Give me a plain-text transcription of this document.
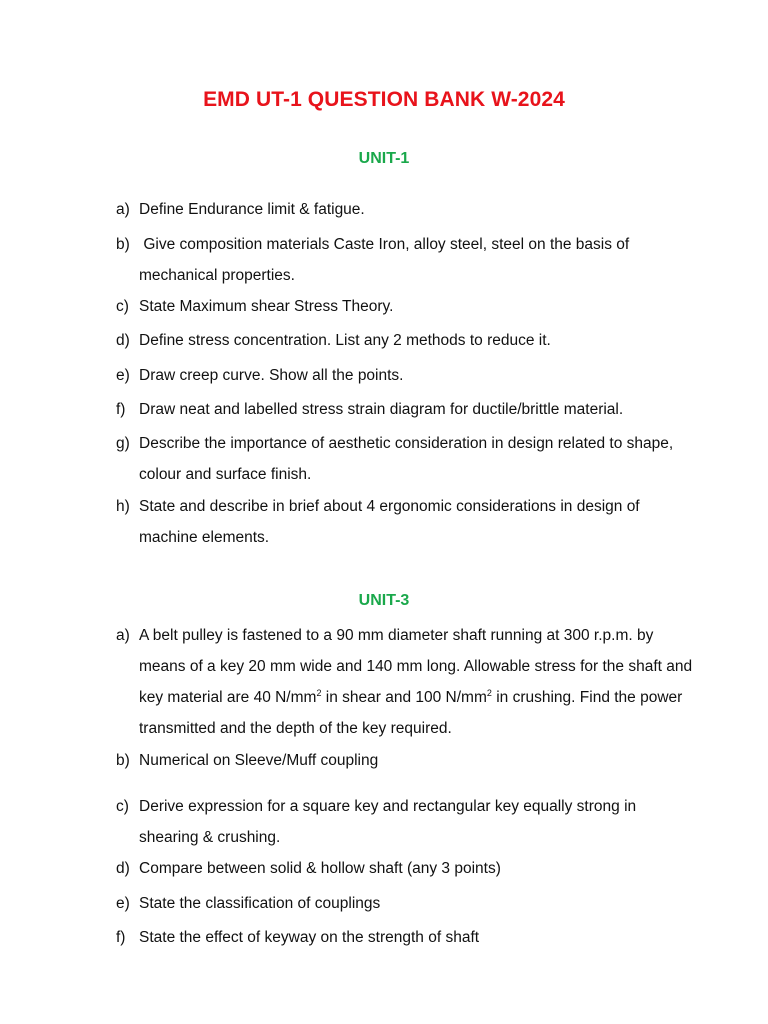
EMD UT-1 QUESTION BANK W-2024
UNIT-1
a) Define Endurance limit & fatigue.
b) Give composition materials Caste Iron, alloy steel, steel on the basis of mechanical properties.
c) State Maximum shear Stress Theory.
d) Define stress concentration. List any 2 methods to reduce it.
e) Draw creep curve. Show all the points.
f) Draw neat and labelled stress strain diagram for ductile/brittle material.
g) Describe the importance of aesthetic consideration in design related to shape, colour and surface finish.
h) State and describe in brief about 4 ergonomic considerations in design of machine elements.
UNIT-3
a) A belt pulley is fastened to a 90 mm diameter shaft running at 300 r.p.m. by means of a key 20 mm wide and 140 mm long. Allowable stress for the shaft and key material are 40 $N/mm^2$ in shear and 100 $N/mm^2$ in crushing. Find the power transmitted and the depth of the key required.
b) Numerical on Sleeve/Muff coupling
c) Derive expression for a square key and rectangular key equally strong in shearing & crushing.
d) Compare between solid & hollow shaft (any 3 points)
e) State the classification of couplings
f) State the effect of keyway on the strength of shaft
